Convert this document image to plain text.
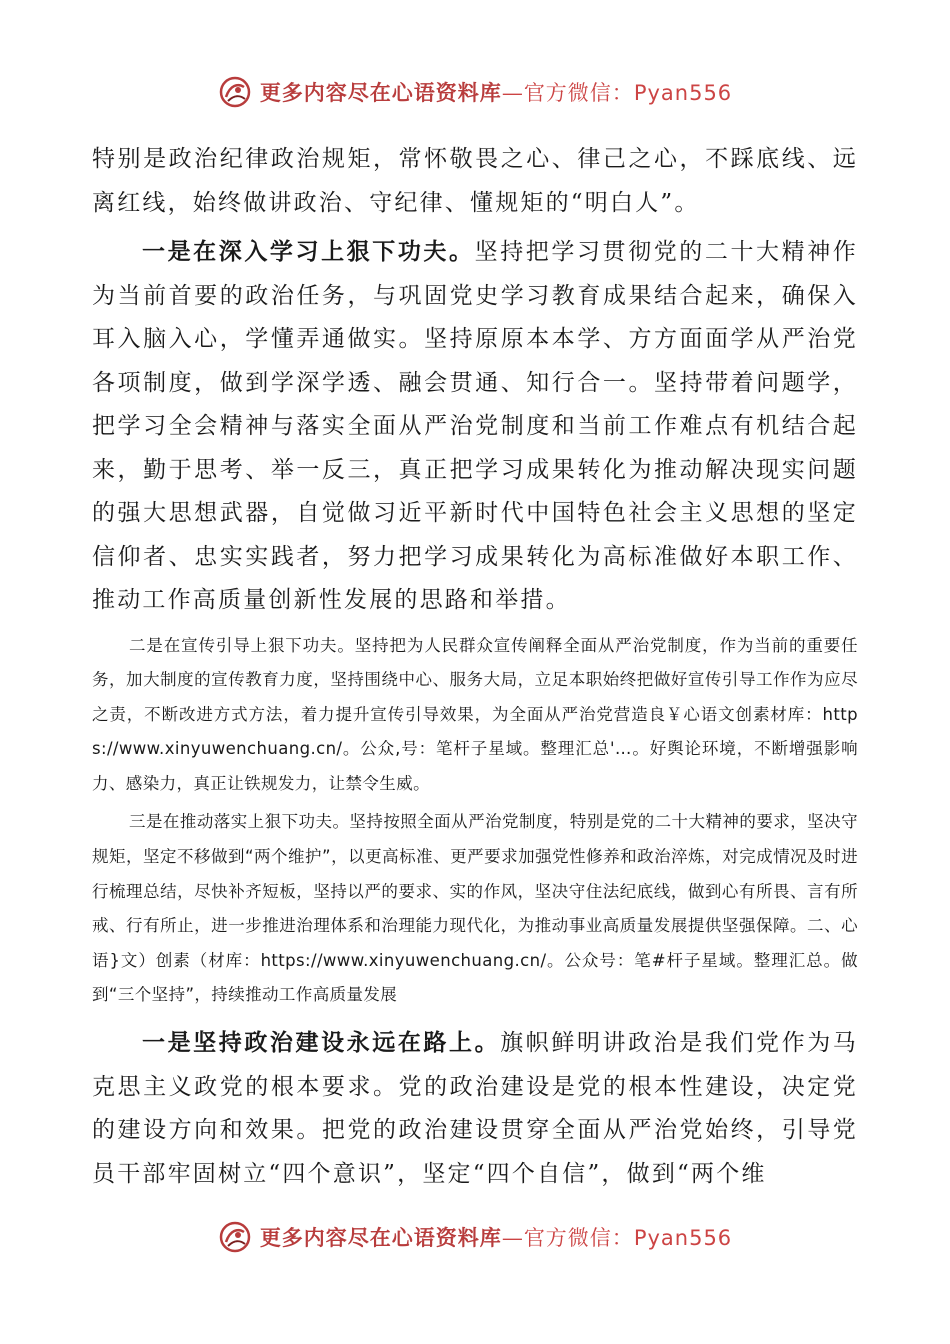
更多内容尽在心语资料库—官方微信：Pyan556

特别是政治纪律政治规矩，常怀敬畏之心、律己之心，不踩底线、远离红线，始终做讲政治、守纪律、懂规矩的“明白人”。

一是在深入学习上狠下功夫。坚持把学习贯彻党的二十大精神作为当前首要的政治任务，与巩固党史学习教育成果结合起来，确保入耳入脑入心，学懂弄通做实。坚持原原本本学、方方面面学从严治党各项制度，做到学深学透、融会贯通、知行合一。坚持带着问题学，把学习全会精神与落实全面从严治党制度和当前工作难点有机结合起来，勤于思考、举一反三，真正把学习成果转化为推动解决现实问题的强大思想武器，自觉做习近平新时代中国特色社会主义思想的坚定信仰者、忠实实践者，努力把学习成果转化为高标准做好本职工作、推动工作高质量创新性发展的思路和举措。

二是在宣传引导上狠下功夫。坚持把为人民群众宣传阐释全面从严治党制度，作为当前的重要任务，加大制度的宣传教育力度，坚持围绕中心、服务大局，立足本职始终把做好宣传引导工作作为应尽之责，不断改进方式方法，着力提升宣传引导效果，为全面从严治党营造良￥心语文创素材库：https://www.xinyuwenchuang.cn/。公众,号：笔杆子星域。整理汇总'…。好舆论环境，不断增强影响力、感染力，真正让铁规发力，让禁令生威。

三是在推动落实上狠下功夫。坚持按照全面从严治党制度，特别是党的二十大精神的要求，坚决守规矩，坚定不移做到“两个维护”，以更高标准、更严要求加强党性修养和政治淬炼，对完成情况及时进行梳理总结，尽快补齐短板，坚持以严的要求、实的作风，坚决守住法纪底线，做到心有所畏、言有所戒、行有所止，进一步推进治理体系和治理能力现代化，为推动事业高质量发展提供坚强保障。二、心语}文）创素（材库：https://www.xinyuwenchuang.cn/。公众号：笔#杆子星域。整理汇总。做到“三个坚持”，持续推动工作高质量发展

一是坚持政治建设永远在路上。旗帜鲜明讲政治是我们党作为马克思主义政党的根本要求。党的政治建设是党的根本性建设，决定党的建设方向和效果。把党的政治建设贯穿全面从严治党始终，引导党员干部牢固树立“四个意识”，坚定“四个自信”，做到“两个维

更多内容尽在心语资料库—官方微信：Pyan556
